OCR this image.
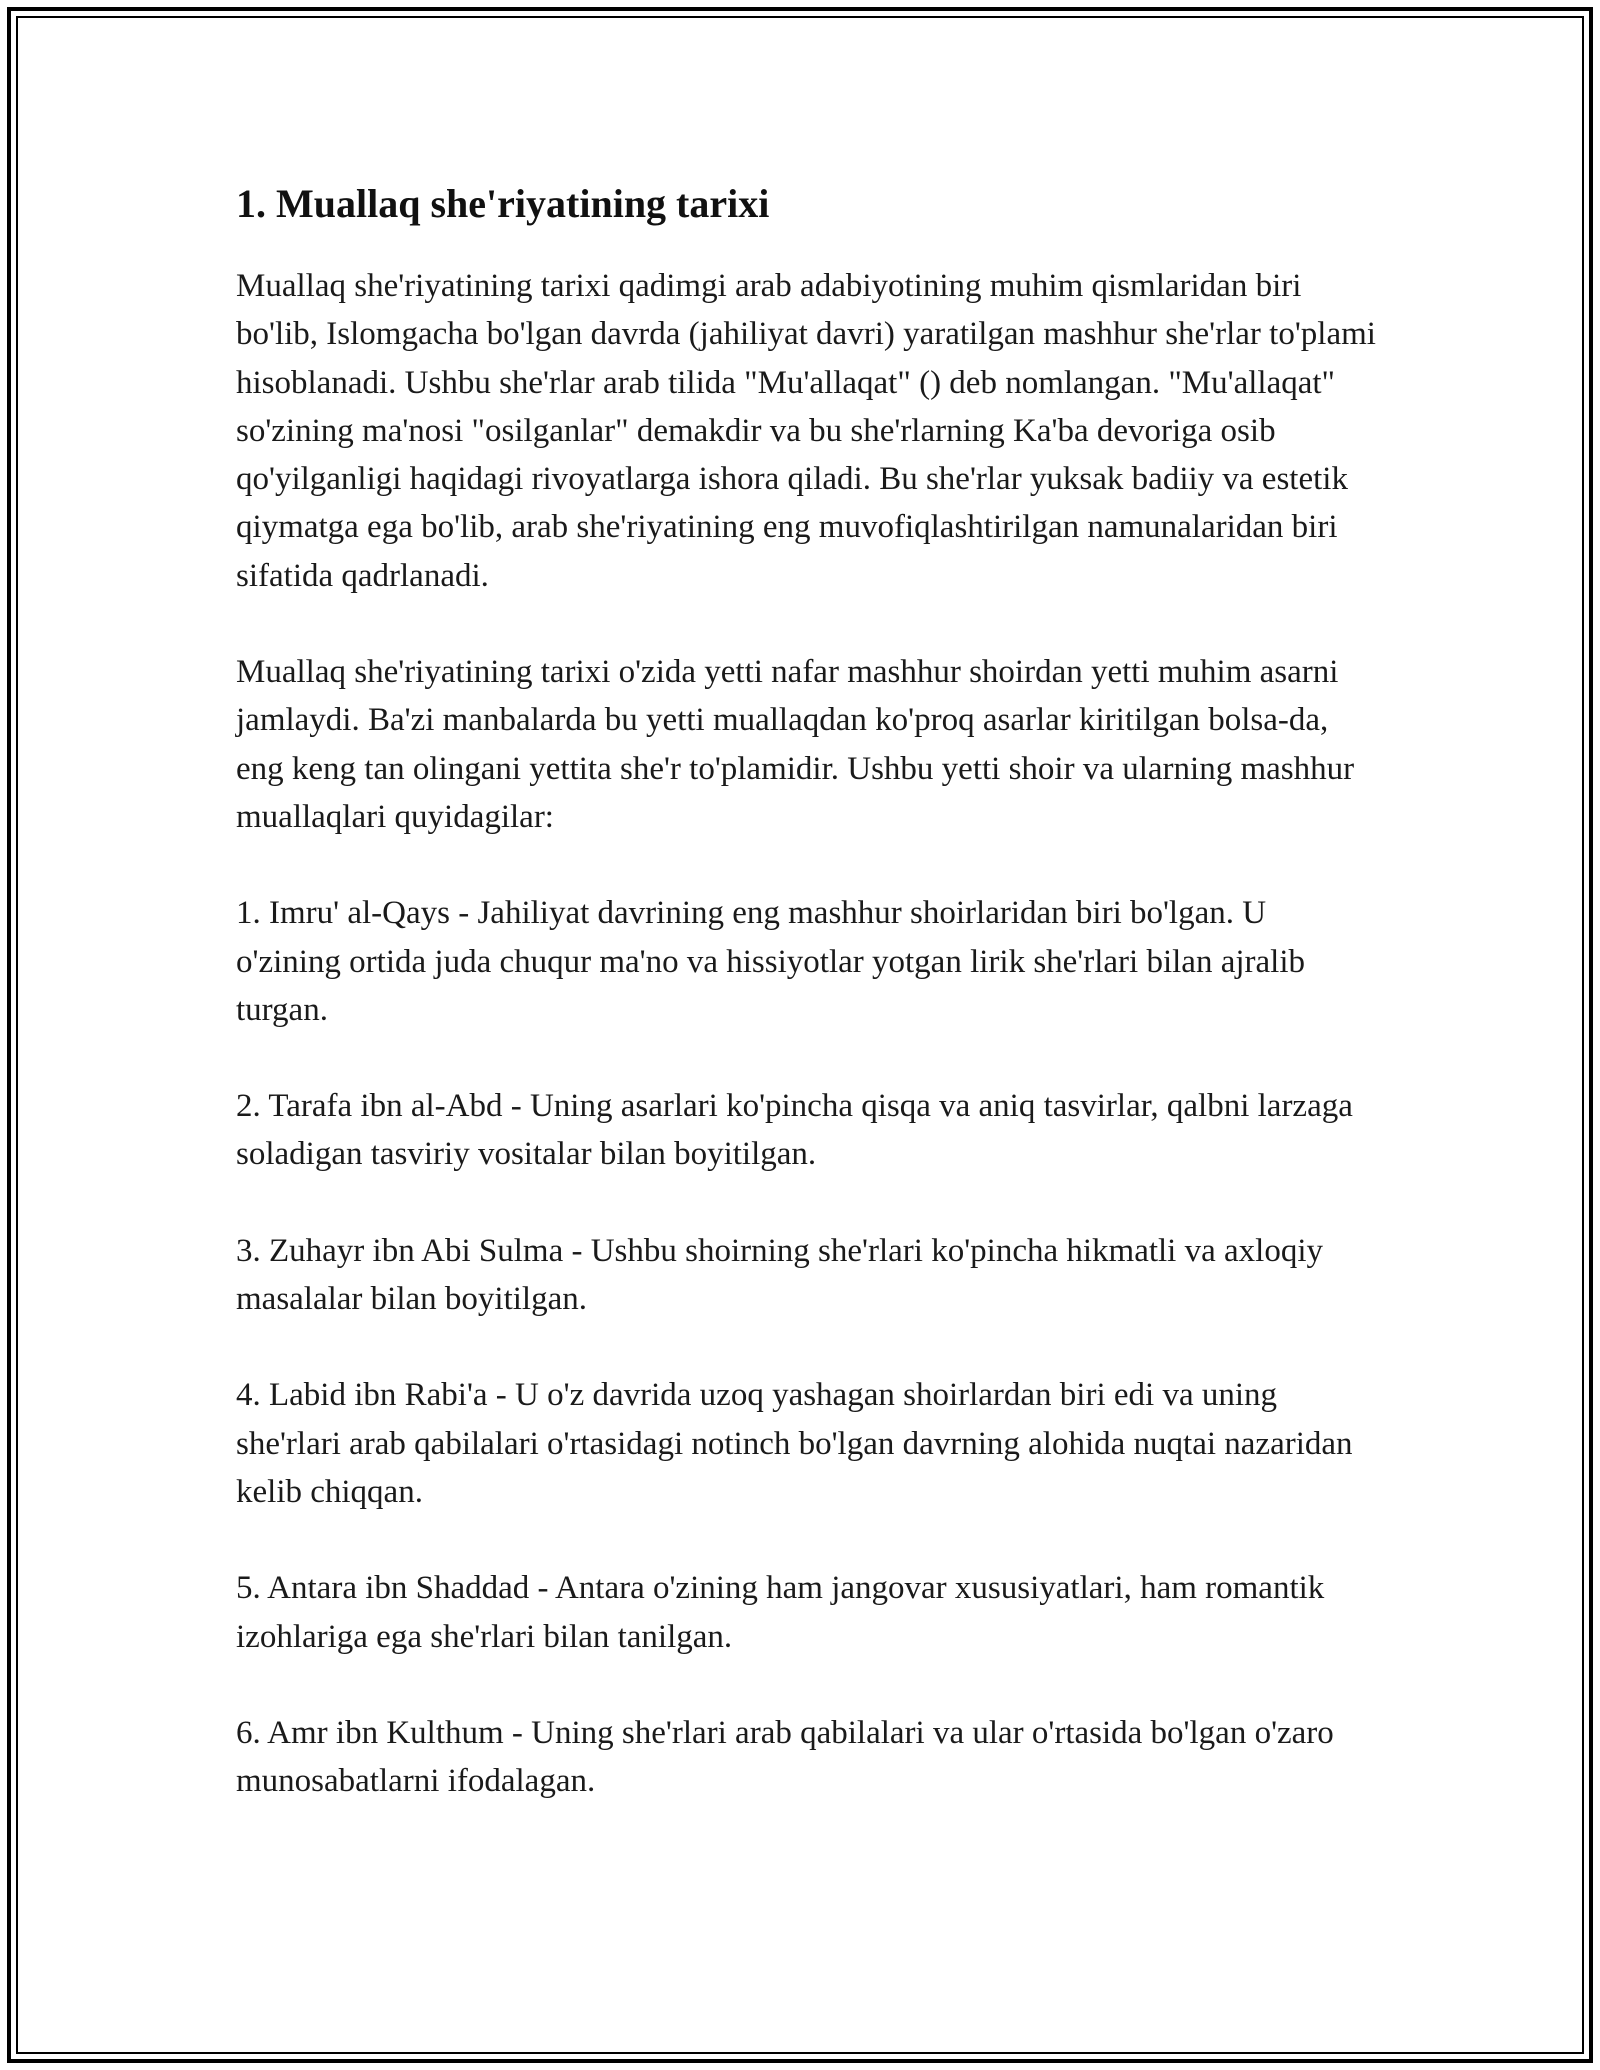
1. Muallaq she'riyatining tarixi

Muallaq she'riyatining tarixi qadimgi arab adabiyotining muhim qismlaridan biri bo'lib, Islomgacha bo'lgan davrda (jahiliyat davri) yaratilgan mashhur she'rlar to'plami hisoblanadi. Ushbu she'rlar arab tilida "Mu'allaqat" () deb nomlangan. "Mu'allaqat" so'zining ma'nosi "osilganlar" demakdir va bu she'rlarning Ka'ba devoriga osib qo'yilganligi haqidagi rivoyatlarga ishora qiladi. Bu she'rlar yuksak badiiy va estetik qiymatga ega bo'lib, arab she'riyatining eng muvofiqlashtirilgan namunalaridan biri sifatida qadrlanadi.

Muallaq she'riyatining tarixi o'zida yetti nafar mashhur shoirdan yetti muhim asarni jamlaydi. Ba'zi manbalarda bu yetti muallaqdan ko'proq asarlar kiritilgan bolsa-da, eng keng tan olingani yettita she'r to'plamidir. Ushbu yetti shoir va ularning mashhur muallaqlari quyidagilar:

1. Imru' al-Qays - Jahiliyat davrining eng mashhur shoirlaridan biri bo'lgan. U o'zining ortida juda chuqur ma'no va hissiyotlar yotgan lirik she'rlari bilan ajralib turgan.

2. Tarafa ibn al-Abd - Uning asarlari ko'pincha qisqa va aniq tasvirlar, qalbni larzaga soladigan tasviriy vositalar bilan boyitilgan.

3. Zuhayr ibn Abi Sulma - Ushbu shoirning she'rlari ko'pincha hikmatli va axloqiy masalalar bilan boyitilgan.

4. Labid ibn Rabi'a - U o'z davrida uzoq yashagan shoirlardan biri edi va uning she'rlari arab qabilalari o'rtasidagi notinch bo'lgan davrning alohida nuqtai nazaridan kelib chiqqan.

5. Antara ibn Shaddad - Antara o'zining ham jangovar xususiyatlari, ham romantik izohlariga ega she'rlari bilan tanilgan.

6. Amr ibn Kulthum - Uning she'rlari arab qabilalari va ular o'rtasida bo'lgan o'zaro munosabatlarni ifodalagan.
